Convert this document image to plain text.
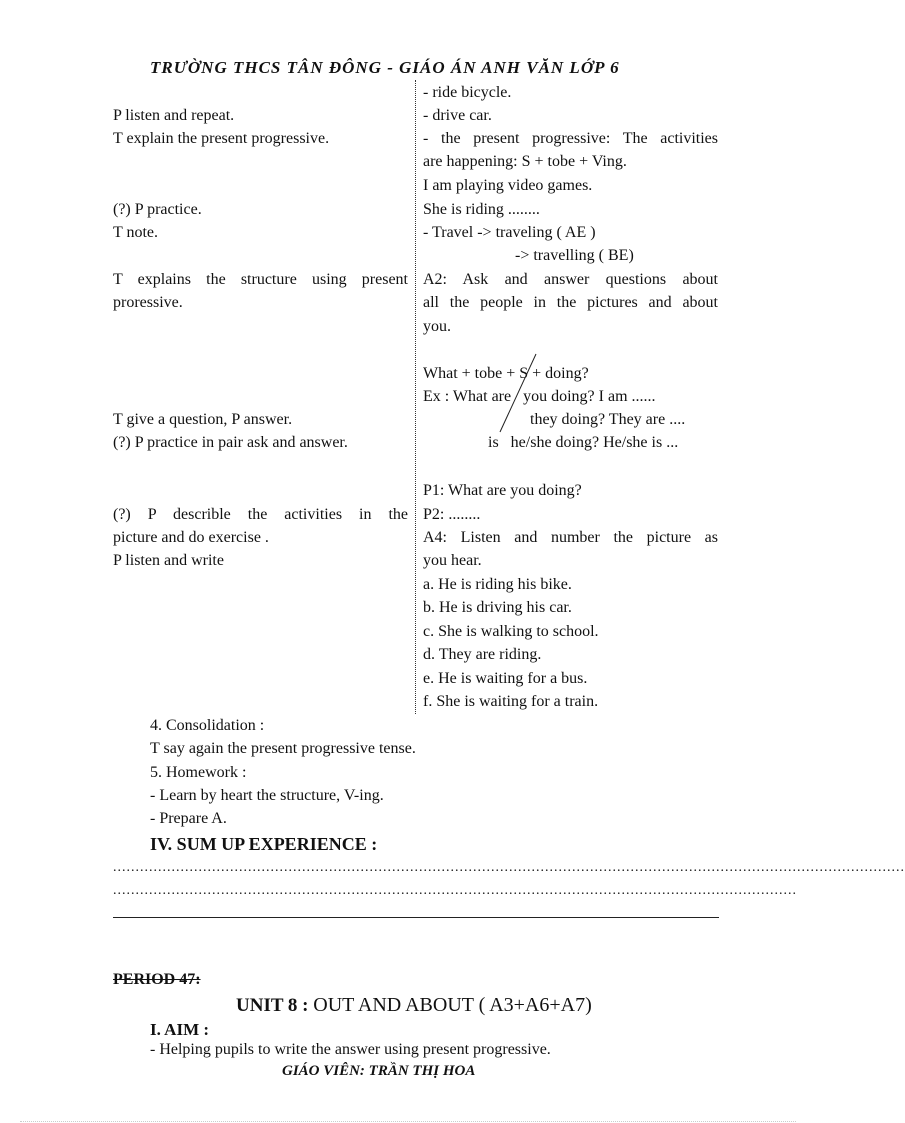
TRƯỜNG THCS TÂN ĐÔNG - GIÁO ÁN ANH VĂN LỚP 6
P listen and repeat.
T explain the present progressive.
(?) P practice.
T note.
T explains the structure using present
proressive.
T give a question, P answer.
(?) P practice in pair ask and answer.
(?) P describle the activities in the
picture and do exercise .
P listen and write
- ride bicycle.
- drive car.
- the present progressive: The activities
are happening: S + tobe + Ving.
I am playing video games.
She is riding ........
- Travel -> traveling ( AE )
-> travelling ( BE)
A2: Ask and answer questions about
all the people in the pictures and about
you.
What + tobe + S + doing?
Ex : What are   you doing? I am ......
they doing? They are ....
is   he/she doing? He/she is ...
P1: What are you doing?
P2: ........
A4: Listen and number the picture as
you hear.
a. He is riding his bike.
b. He is driving his car.
c. She is walking to school.
d. They are riding.
e. He is waiting for a bus.
f. She is waiting for a train.
4. Consolidation :
T say again the present progressive tense.
5. Homework :
- Learn by heart the structure, V-ing.
- Prepare A.
IV. SUM UP EXPERIENCE :
................................................................................................................................................................................
........................................................................................................................................................
PERIOD 47:
UNIT 8 : OUT AND ABOUT ( A3+A6+A7)
I. AIM :
- Helping pupils to write the answer using present progressive.
GIÁO VIÊN: TRẦN THỊ HOA
